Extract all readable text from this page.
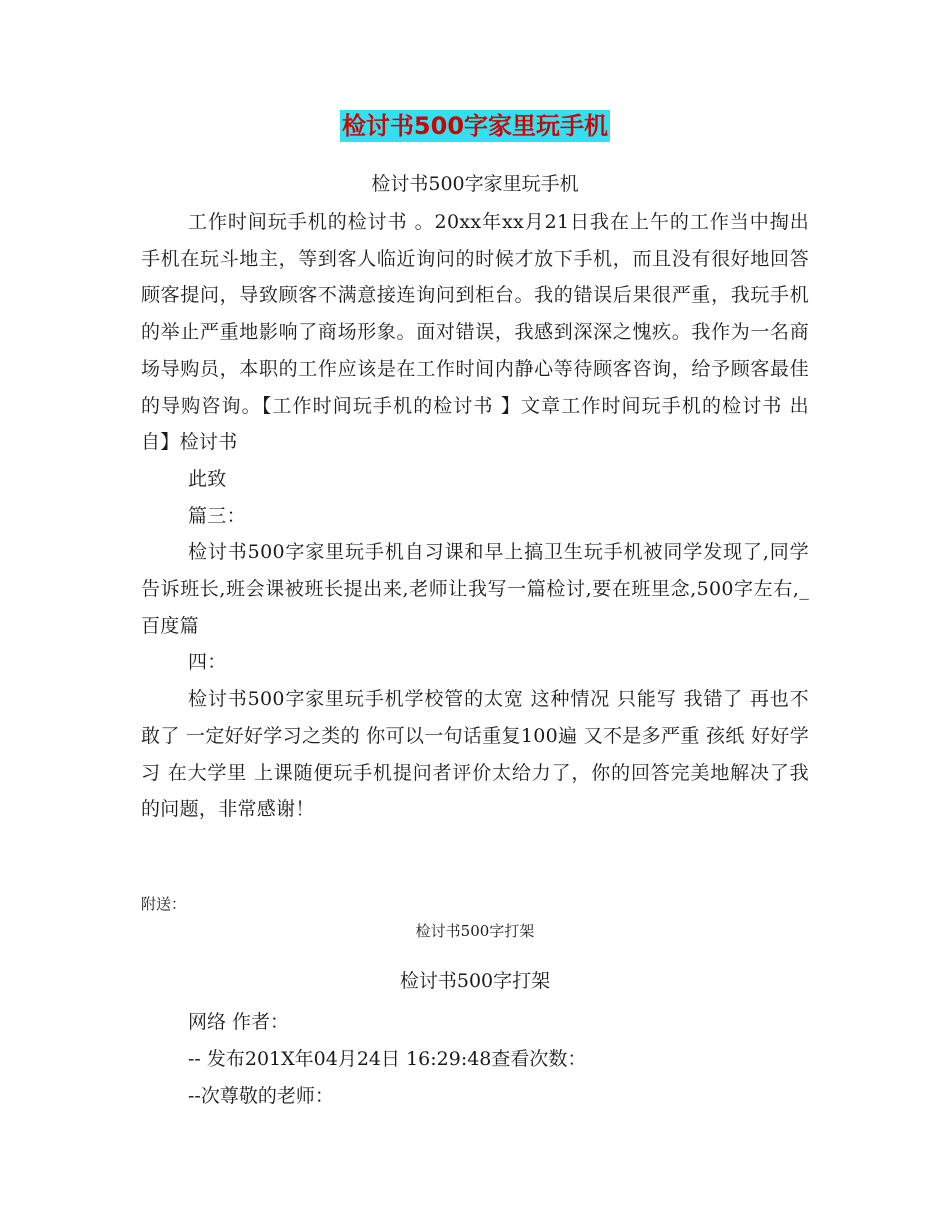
检讨书500字家里玩手机
检讨书500字家里玩手机

工作时间玩手机的检讨书 。20xx年xx月21日我在上午的工作当中掏出手机在玩斗地主，等到客人临近询问的时候才放下手机，而且没有很好地回答顾客提问，导致顾客不满意接连询问到柜台。我的错误后果很严重，我玩手机的举止严重地影响了商场形象。面对错误，我感到深深之愧疚。我作为一名商场导购员，本职的工作应该是在工作时间内静心等待顾客咨询，给予顾客最佳的导购咨询。【工作时间玩手机的检讨书 】文章工作时间玩手机的检讨书 出自】检讨书

此致

篇三：

检讨书500字家里玩手机自习课和早上搞卫生玩手机被同学发现了,同学告诉班长,班会课被班长提出来,老师让我写一篇检讨,要在班里念,500字左右,_百度篇

四：

检讨书500字家里玩手机学校管的太宽 这种情况 只能写 我错了 再也不敢了 一定好好学习之类的 你可以一句话重复100遍 又不是多严重 孩纸 好好学习 在大学里 上课随便玩手机提问者评价太给力了，你的回答完美地解决了我的问题，非常感谢！

附送：
检讨书500字打架
检讨书500字打架

网络 作者：

-- 发布201X年04月24日 16:29:48查看次数：

--次尊敬的老师：
